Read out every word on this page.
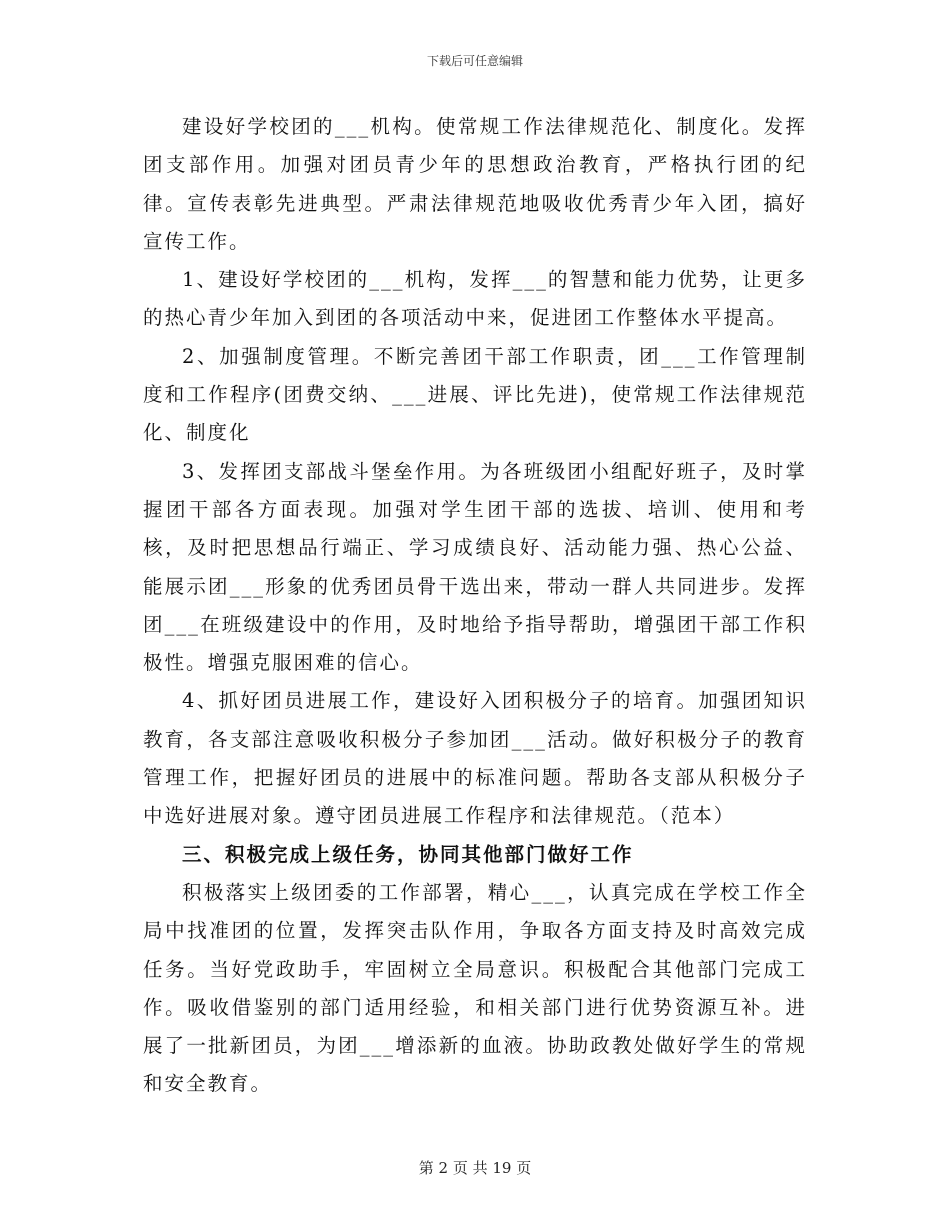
下载后可任意编辑

建设好学校团的___机构。使常规工作法律规范化、制度化。发挥团支部作用。加强对团员青少年的思想政治教育，严格执行团的纪律。宣传表彰先进典型。严肃法律规范地吸收优秀青少年入团，搞好宣传工作。

1、建设好学校团的___机构，发挥___的智慧和能力优势，让更多的热心青少年加入到团的各项活动中来，促进团工作整体水平提高。

2、加强制度管理。不断完善团干部工作职责，团___工作管理制度和工作程序(团费交纳、___进展、评比先进)，使常规工作法律规范化、制度化

3、发挥团支部战斗堡垒作用。为各班级团小组配好班子，及时掌握团干部各方面表现。加强对学生团干部的选拔、培训、使用和考核，及时把思想品行端正、学习成绩良好、活动能力强、热心公益、能展示团___形象的优秀团员骨干选出来，带动一群人共同进步。发挥团___在班级建设中的作用，及时地给予指导帮助，增强团干部工作积极性。增强克服困难的信心。

4、抓好团员进展工作，建设好入团积极分子的培育。加强团知识教育，各支部注意吸收积极分子参加团___活动。做好积极分子的教育管理工作，把握好团员的进展中的标准问题。帮助各支部从积极分子中选好进展对象。遵守团员进展工作程序和法律规范。（范本）

三、积极完成上级任务，协同其他部门做好工作

积极落实上级团委的工作部署，精心___，认真完成在学校工作全局中找准团的位置，发挥突击队作用，争取各方面支持及时高效完成任务。当好党政助手，牢固树立全局意识。积极配合其他部门完成工作。吸收借鉴别的部门适用经验，和相关部门进行优势资源互补。进展了一批新团员，为团___增添新的血液。协助政教处做好学生的常规和安全教育。

第 2 页 共 19 页
